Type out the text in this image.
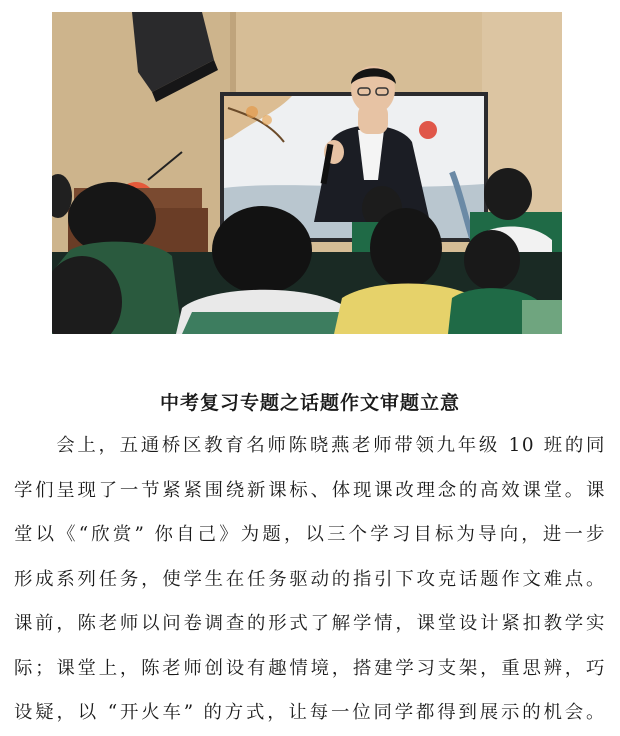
中考复习专题之话题作文审题立意

　　会上，五通桥区教育名师陈晓燕老师带领九年级 10 班的同
学们呈现了一节紧紧围绕新课标、体现课改理念的高效课堂。课
堂以《“欣赏” 你自己》为题，以三个学习目标为导向，进一步
形成系列任务，使学生在任务驱动的指引下攻克话题作文难点。
课前，陈老师以问卷调查的形式了解学情，课堂设计紧扣教学实
际；课堂上，陈老师创设有趣情境，搭建学习支架，重思辨，巧
设疑，以 “开火车” 的方式，让每一位同学都得到展示的机会。
